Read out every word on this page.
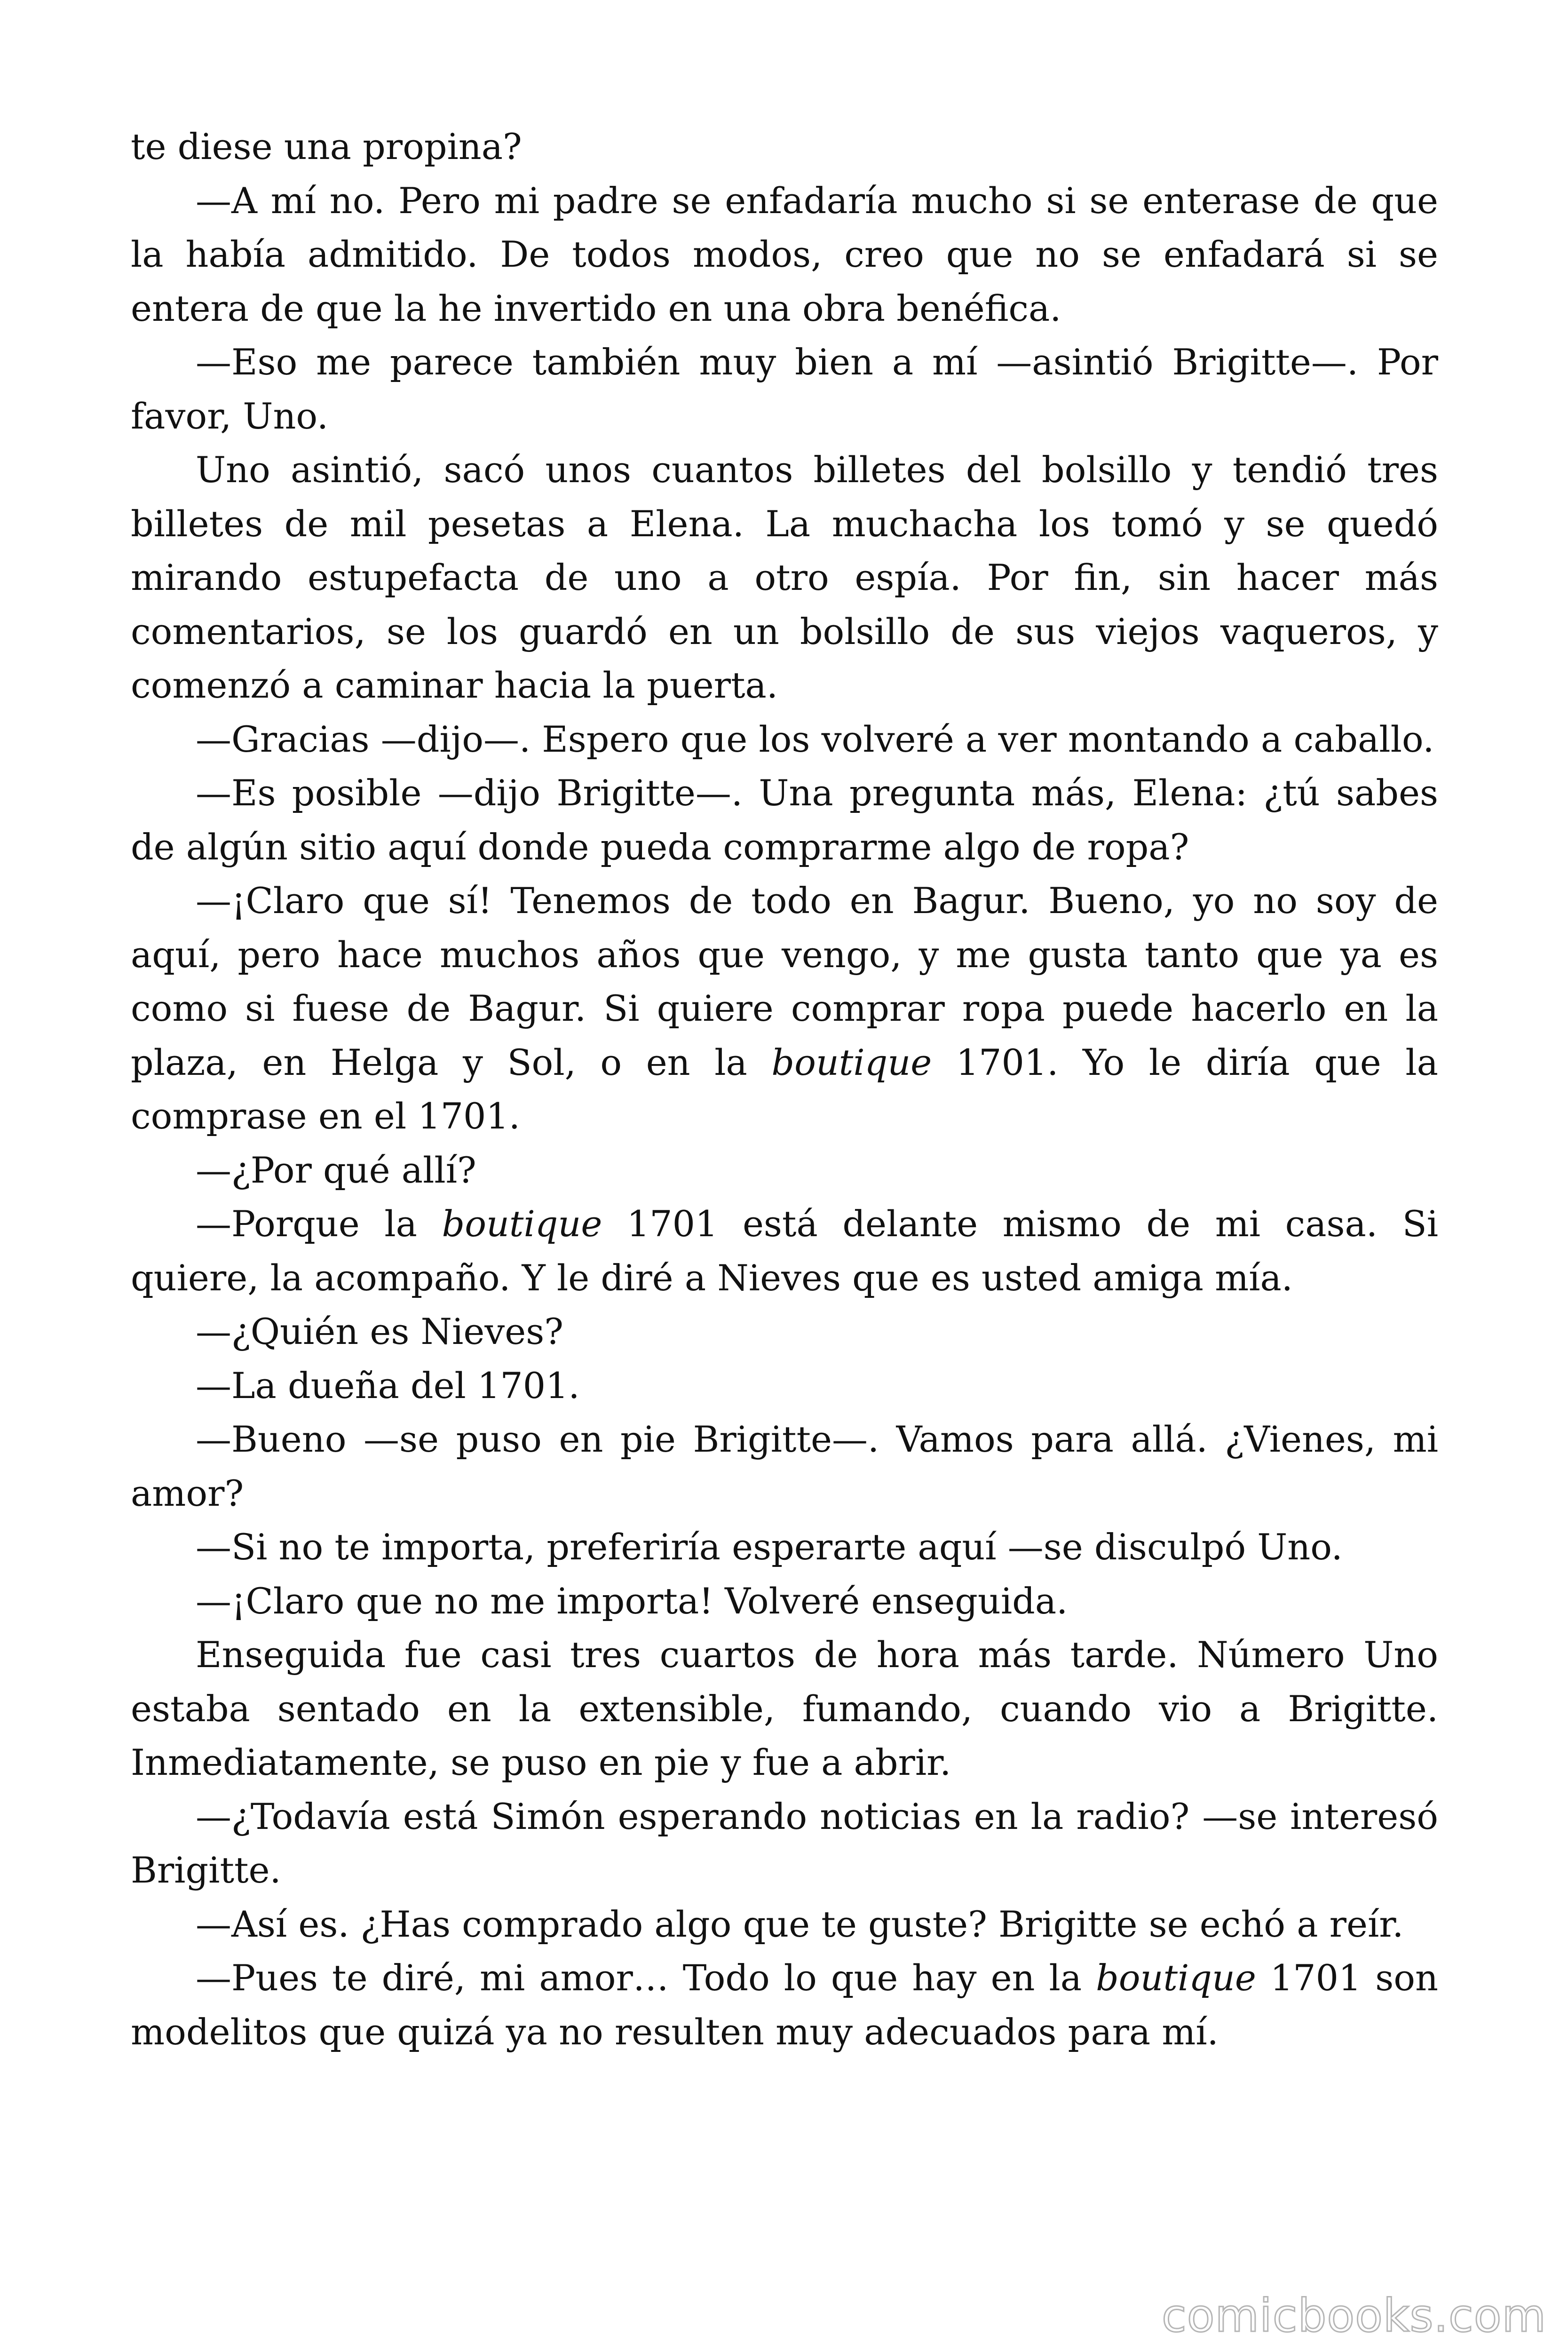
te diese una propina?

—A mí no. Pero mi padre se enfadaría mucho si se enterase de que la había admitido. De todos modos, creo que no se enfadará si se entera de que la he invertido en una obra benéfica.

—Eso me parece también muy bien a mí —asintió Brigitte—. Por favor, Uno.

Uno asintió, sacó unos cuantos billetes del bolsillo y tendió tres billetes de mil pesetas a Elena. La muchacha los tomó y se quedó mirando estupefacta de uno a otro espía. Por fin, sin hacer más comentarios, se los guardó en un bolsillo de sus viejos vaqueros, y comenzó a caminar hacia la puerta.

—Gracias —dijo—. Espero que los volveré a ver montando a caballo.

—Es posible —dijo Brigitte—. Una pregunta más, Elena: ¿tú sabes de algún sitio aquí donde pueda comprarme algo de ropa?

—¡Claro que sí! Tenemos de todo en Bagur. Bueno, yo no soy de aquí, pero hace muchos años que vengo, y me gusta tanto que ya es como si fuese de Bagur. Si quiere comprar ropa puede hacerlo en la plaza, en Helga y Sol, o en la boutique 1701. Yo le diría que la comprase en el 1701.

—¿Por qué allí?

—Porque la boutique 1701 está delante mismo de mi casa. Si quiere, la acompaño. Y le diré a Nieves que es usted amiga mía.

—¿Quién es Nieves?

—La dueña del 1701.

—Bueno —se puso en pie Brigitte—. Vamos para allá. ¿Vienes, mi amor?

—Si no te importa, preferiría esperarte aquí —se disculpó Uno.

—¡Claro que no me importa! Volveré enseguida.

Enseguida fue casi tres cuartos de hora más tarde. Número Uno estaba sentado en la extensible, fumando, cuando vio a Brigitte. Inmediatamente, se puso en pie y fue a abrir.

—¿Todavía está Simón esperando noticias en la radio? —se interesó Brigitte.

—Así es. ¿Has comprado algo que te guste? Brigitte se echó a reír.

—Pues te diré, mi amor… Todo lo que hay en la boutique 1701 son modelitos que quizá ya no resulten muy adecuados para mí.

comicbooks.com
